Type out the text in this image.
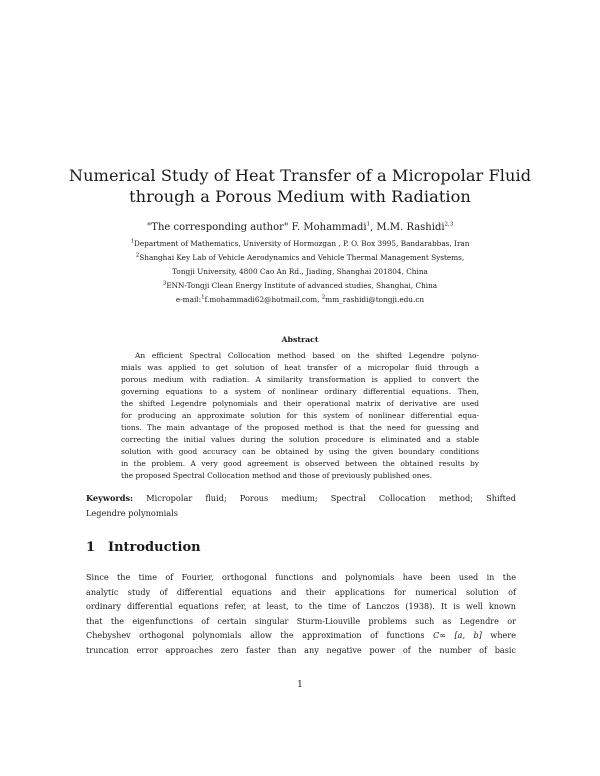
Numerical Study of Heat Transfer of a Micropolar Fluid
through a Porous Medium with Radiation
"The corresponding author" F. Mohammadi$^1$, M.M. Rashidi$^{2,3}$
$^1$Department of Mathematics, University of Hormozgan , P. O. Box 3995, Bandarabbas, Iran
$^2$Shanghai Key Lab of Vehicle Aerodynamics and Vehicle Thermal Management Systems,
Tongji University, 4800 Cao An Rd., Jiading, Shanghai 201804, China
$^3$ENN-Tongji Clean Energy Institute of advanced studies, Shanghai, China
e-mail:$^1$f.mohammadi62@hotmail.com, $^2$mm_rashidi@tongji.edu.cn
Abstract
An efficient Spectral Collocation method based on the shifted Legendre polyno-
mials was applied to get solution of heat transfer of a micropolar fluid through a
porous medium with radiation. A similarity transformation is applied to convert the
governing equations to a system of nonlinear ordinary differential equations. Then,
the shifted Legendre polynomials and their operational matrix of derivative are used
for producing an approximate solution for this system of nonlinear differential equa-
tions. The main advantage of the proposed method is that the need for guessing and
correcting the initial values during the solution procedure is eliminated and a stable
solution with good accuracy can be obtained by using the given boundary conditions
in the problem. A very good agreement is observed between the obtained results by
the proposed Spectral Collocation method and those of previously published ones.
Keywords: Micropolar fluid; Porous medium; Spectral Collocation method; Shifted
Legendre polynomials
1 Introduction
Since the time of Fourier, orthogonal functions and polynomials have been used in the
analytic study of differential equations and their applications for numerical solution of
ordinary differential equations refer, at least, to the time of Lanczos (1938). It is well known
that the eigenfunctions of certain singular Sturm-Liouville problems such as Legendre or
Chebyshev orthogonal polynomials allow the approximation of functions C∞ [a, b] where
truncation error approaches zero faster than any negative power of the number of basic
1
